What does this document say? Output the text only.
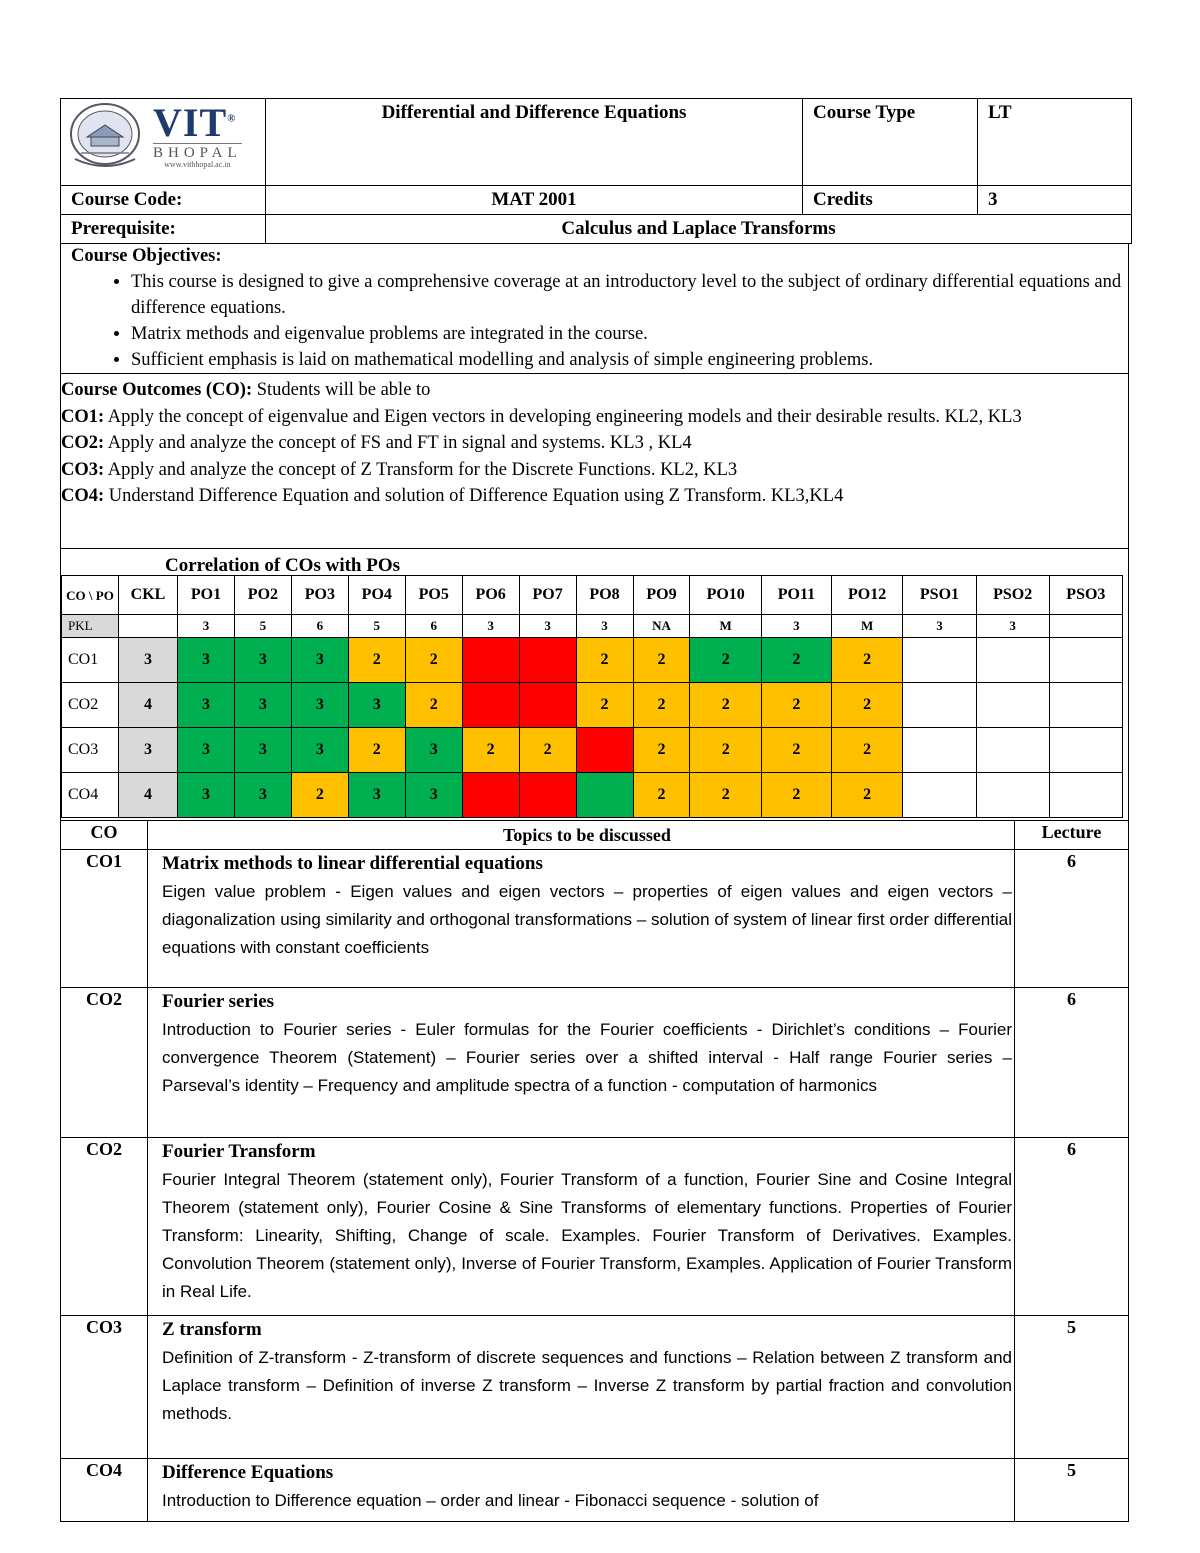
VIT®
BHOPAL
www.vitbhopal.ac.in	Differential and Difference Equations	Course Type	LT
Course Code:	MAT 2001	Credits	3
Prerequisite:	Calculus and Laplace Transforms		
Course Objectives:
• This course is designed to give a comprehensive coverage at an introductory level to the subject of ordinary differential equations and difference equations.
• Matrix methods and eigenvalue problems are integrated in the course.
• Sufficient emphasis is laid on mathematical modelling and analysis of simple engineering problems.
Course Outcomes (CO): Students will be able to
CO1: Apply the concept of eigenvalue and Eigen vectors in developing engineering models and their desirable results. KL2, KL3
CO2: Apply and analyze the concept of FS and FT in signal and systems. KL3 , KL4
CO3: Apply and analyze the concept of Z Transform for the Discrete Functions. KL2, KL3
CO4: Understand Difference Equation and solution of Difference Equation using Z Transform. KL3,KL4
Correlation of COs with POs
CO \ PO	CKL	PO1	PO2	PO3	PO4	PO5	PO6	PO7	PO8	PO9	PO10	PO11	PO12	PSO1	PSO2	PSO3
PKL		3	5	6	5	6	3	3	3	NA	M	3	M	3	3	
CO1	3	3	3	3	2	2			2	2	2	2	2			
CO2	4	3	3	3	3	2			2	2	2	2	2			
CO3	3	3	3	3	2	3	2	2		2	2	2	2			
CO4	4	3	3	2	3	3				2	2	2	2			
CO	Topics to be discussed	Lecture
CO1	Matrix methods to linear differential equations
Eigen value problem - Eigen values and eigen vectors – properties of eigen values and eigen vectors – diagonalization using similarity and orthogonal transformations – solution of system of linear first order differential equations with constant coefficients	6
CO2	Fourier series
Introduction to Fourier series - Euler formulas for the Fourier coefficients - Dirichlet’s conditions – Fourier convergence Theorem (Statement) – Fourier series over a shifted interval - Half range Fourier series – Parseval’s identity – Frequency and amplitude spectra of a function - computation of harmonics	6
CO2	Fourier Transform
Fourier Integral Theorem (statement only), Fourier Transform of a function, Fourier Sine and Cosine Integral Theorem (statement only), Fourier Cosine & Sine Transforms of elementary functions. Properties of Fourier Transform: Linearity, Shifting, Change of scale. Examples. Fourier Transform of Derivatives. Examples. Convolution Theorem (statement only), Inverse of Fourier Transform, Examples. Application of Fourier Transform in Real Life.	6
CO3	Z transform
Definition of Z-transform - Z-transform of discrete sequences and functions – Relation between Z transform and Laplace transform – Definition of inverse Z transform – Inverse Z transform by partial fraction and convolution methods.	5
CO4	Difference Equations
Introduction to Difference equation – order and linear - Fibonacci sequence - solution of	5
